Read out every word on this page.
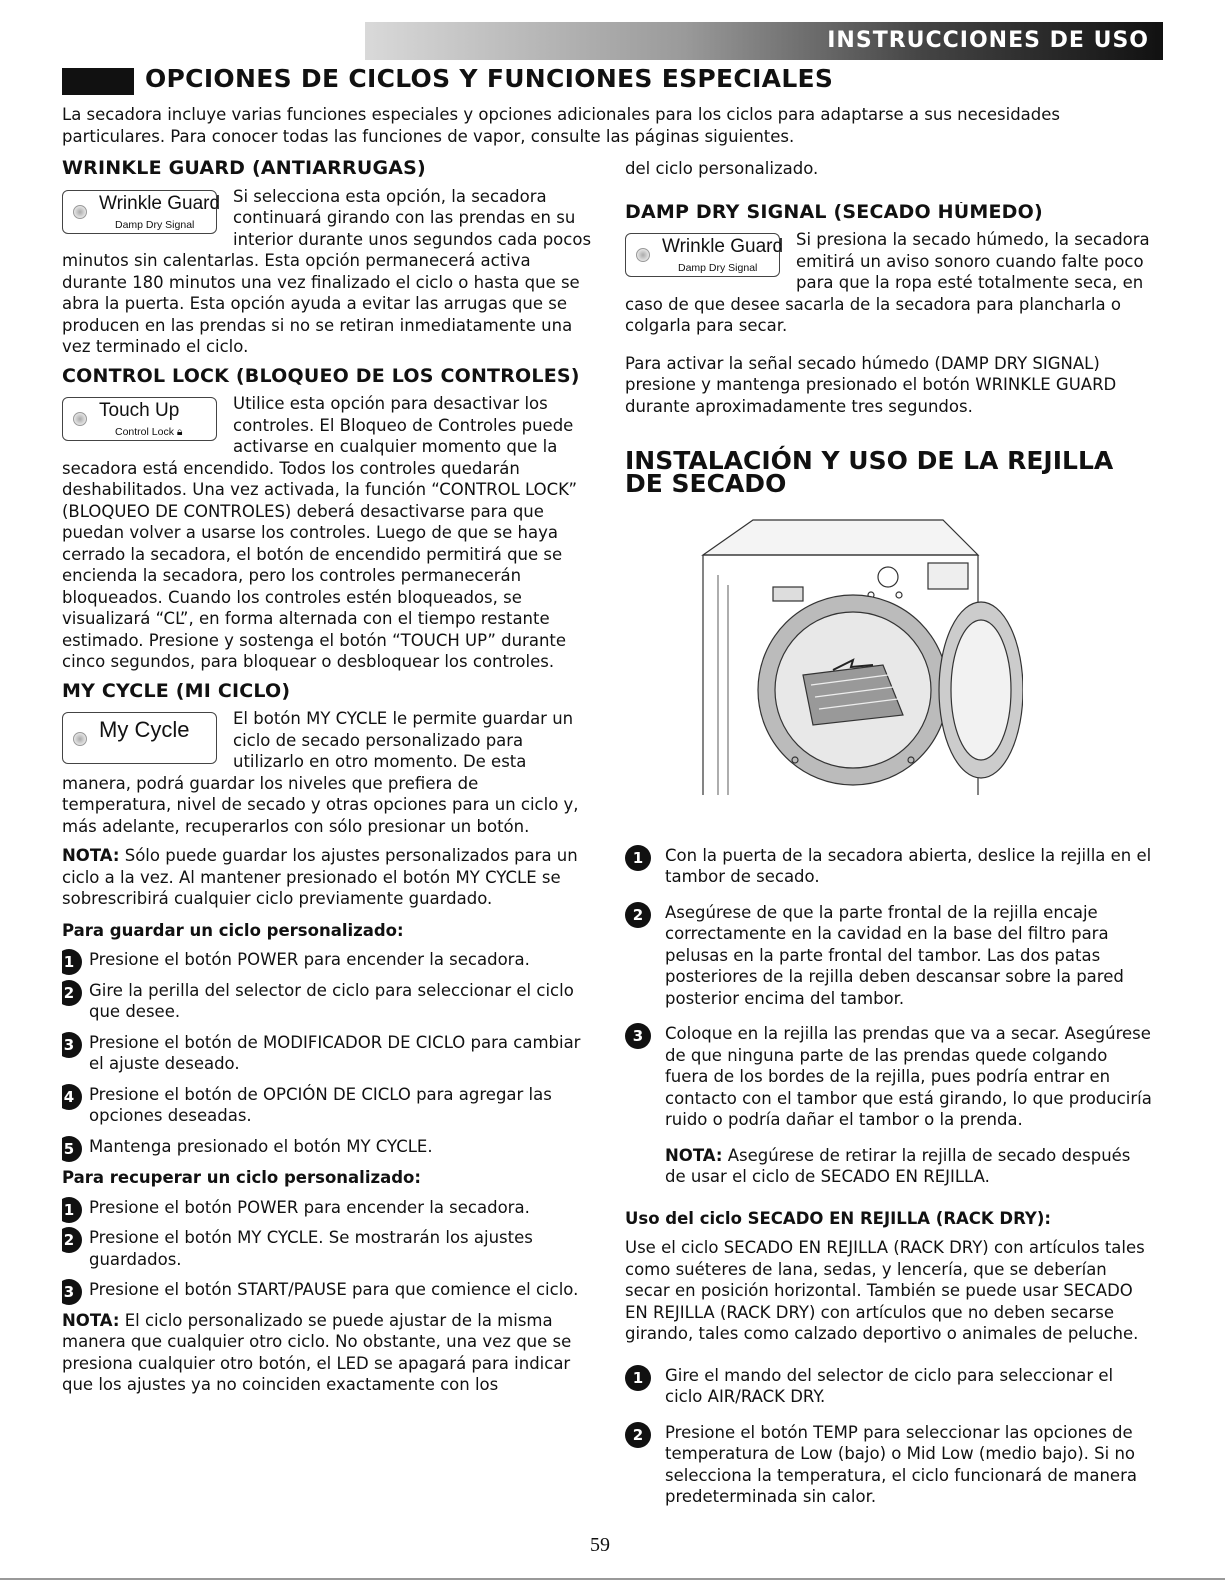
INSTRUCCIONES DE USO
OPCIONES DE CICLOS Y FUNCIONES ESPECIALES
La secadora incluye varias funciones especiales y opciones adicionales para los ciclos para adaptarse a sus necesidades particulares. Para conocer todas las funciones de vapor, consulte las páginas siguientes.
WRINKLE GUARD (ANTIARRUGAS)
Wrinkle Guard
Damp Dry Signal

Si selecciona esta opción, la secadora continuará girando con las prendas en su interior durante unos segundos cada pocos minutos sin calentarlas. Esta opción permanecerá activa durante 180 minutos una vez finalizado el ciclo o hasta que se abra la puerta. Esta opción ayuda a evitar las arrugas que se producen en las prendas si no se retiran inmediatamente una vez terminado el ciclo.

CONTROL LOCK (BLOQUEO DE LOS CONTROLES)
Touch Up
Control Lock 🔒︎

Utilice esta opción para desactivar los controles. El Bloqueo de Controles puede activarse en cualquier momento que la secadora está encendido. Todos los controles quedarán deshabilitados. Una vez activada, la función “CONTROL LOCK” (BLOQUEO DE CONTROLES) deberá desactivarse para que puedan volver a usarse los controles. Luego de que se haya cerrado la secadora, el botón de encendido permitirá que se encienda la secadora, pero los controles permanecerán bloqueados. Cuando los controles estén bloqueados, se visualizará “CL”, en forma alternada con el tiempo restante estimado. Presione y sostenga el botón “TOUCH UP” durante cinco segundos, para bloquear o desbloquear los controles.

MY CYCLE (MI CICLO)
My Cycle	El botón MY CYCLE le permite guardar un ciclo de secado personalizado para utilizarlo en otro momento. De esta manera, podrá guardar los niveles que prefiera de temperatura, nivel de secado y otras opciones para un ciclo y, más adelante, recuperarlos con sólo presionar un botón.

NOTA: Sólo puede guardar los ajustes personalizados para un ciclo a la vez. Al mantener presionado el botón MY CYCLE se sobrescribirá cualquier ciclo previamente guardado.

Para guardar un ciclo personalizado:
1 Presione el botón POWER para encender la secadora.
2 Gire la perilla del selector de ciclo para seleccionar el ciclo que desee.
3 Presione el botón de MODIFICADOR DE CICLO para cambiar el ajuste deseado.
4 Presione el botón de OPCIÓN DE CICLO para agregar las opciones deseadas.
5 Mantenga presionado el botón MY CYCLE.
Para recuperar un ciclo personalizado:
1 Presione el botón POWER para encender la secadora.
2 Presione el botón MY CYCLE. Se mostrarán los ajustes guardados.
3 Presione el botón START/PAUSE para que comience el ciclo.

NOTA: El ciclo personalizado se puede ajustar de la misma manera que cualquier otro ciclo. No obstante, una vez que se presiona cualquier otro botón, el LED se apagará para indicar que los ajustes ya no coinciden exactamente con los

del ciclo personalizado.

DAMP DRY SIGNAL (SECADO HÚMEDO)
Wrinkle Guard
Damp Dry Signal

Si presiona la secado húmedo, la secadora emitirá un aviso sonoro cuando falte poco para que la ropa esté totalmente seca, en caso de que desee sacarla de la secadora para plancharla o colgarla para secar.

Para activar la señal secado húmedo (DAMP DRY SIGNAL) presione y mantenga presionado el botón WRINKLE GUARD durante aproximadamente tres segundos.

INSTALACIÓN Y USO DE LA REJILLA DE SECADO
1	Con la puerta de la secadora abierta, deslice la rejilla en el tambor de secado.
2	Asegúrese de que la parte frontal de la rejilla encaje correctamente en la cavidad en la base del filtro para pelusas en la parte frontal del tambor. Las dos patas posteriores de la rejilla deben descansar sobre la pared posterior encima del tambor.
3	Coloque en la rejilla las prendas que va a secar. Asegúrese de que ninguna parte de las prendas quede colgando fuera de los bordes de la rejilla, pues podría entrar en contacto con el tambor que está girando, lo que produciría ruido o podría dañar el tambor o la prenda.

NOTA: Asegúrese de retirar la rejilla de secado después de usar el ciclo de SECADO EN REJILLA.

Uso del ciclo SECADO EN REJILLA (RACK DRY):

Use el ciclo SECADO EN REJILLA (RACK DRY) con artículos tales como suéteres de lana, sedas, y lencería, que se deberían secar en posición horizontal. También se puede usar SECADO EN REJILLA (RACK DRY) con artículos que no deben secarse girando, tales como calzado deportivo o animales de peluche.

1	Gire el mando del selector de ciclo para seleccionar el ciclo AIR/RACK DRY.
2	Presione el botón TEMP para seleccionar las opciones de temperatura de Low (bajo) o Mid Low (medio bajo). Si no selecciona la temperatura, el ciclo funcionará de manera predeterminada sin calor.
59
